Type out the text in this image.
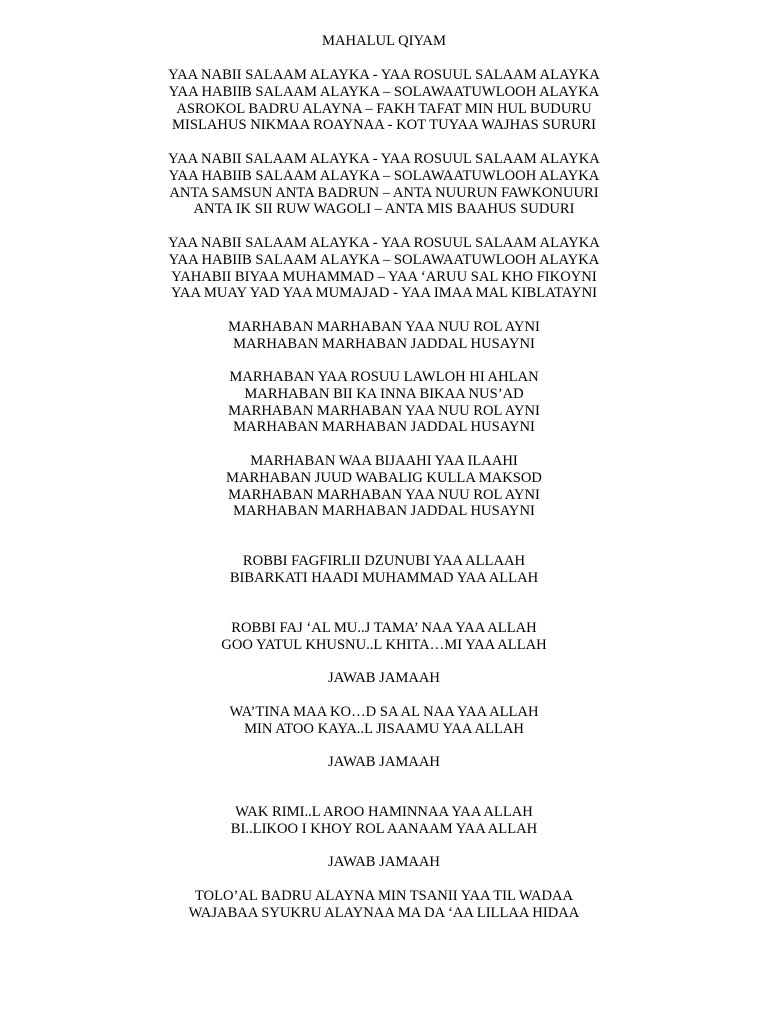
MAHALUL QIYAM
YAA NABII SALAAM ALAYKA - YAA ROSUUL SALAAM ALAYKA
YAA HABIIB SALAAM ALAYKA – SOLAWAATUWLOOH ALAYKA
ASROKOL BADRU ALAYNA – FAKH TAFAT MIN HUL BUDURU
MISLAHUS NIKMAA ROAYNAA - KOT TUYAA WAJHAS SURURI
YAA NABII SALAAM ALAYKA - YAA ROSUUL SALAAM ALAYKA
YAA HABIIB SALAAM ALAYKA – SOLAWAATUWLOOH ALAYKA
ANTA SAMSUN ANTA BADRUN – ANTA NUURUN FAWKONUURI
ANTA IK SII RUW WAGOLI – ANTA MIS BAAHUS SUDURI
YAA NABII SALAAM ALAYKA - YAA ROSUUL SALAAM ALAYKA
YAA HABIIB SALAAM ALAYKA – SOLAWAATUWLOOH ALAYKA
YAHABII BIYAA MUHAMMAD – YAA ‘ARUU SAL KHO FIKOYNI
YAA MUAY YAD YAA MUMAJAD - YAA IMAA MAL KIBLATAYNI
MARHABAN MARHABAN YAA NUU ROL AYNI
MARHABAN MARHABAN JADDAL HUSAYNI
MARHABAN YAA ROSUU LAWLOH HI AHLAN
MARHABAN BII KA INNA BIKAA NUS’AD
MARHABAN MARHABAN YAA NUU ROL AYNI
MARHABAN MARHABAN JADDAL HUSAYNI
MARHABAN WAA BIJAAHI YAA ILAAHI
MARHABAN JUUD WABALIG KULLA MAKSOD
MARHABAN MARHABAN YAA NUU ROL AYNI
MARHABAN MARHABAN JADDAL HUSAYNI
ROBBI FAGFIRLII DZUNUBI YAA ALLAAH
BIBARKATI HAADI MUHAMMAD YAA ALLAH
ROBBI FAJ ‘AL MU..J TAMA’ NAA YAA ALLAH
GOO YATUL KHUSNU..L KHITA…MI YAA ALLAH
JAWAB JAMAAH
WA’TINA MAA KO…D SA AL NAA YAA ALLAH
MIN ATOO KAYA..L JISAAMU YAA ALLAH
JAWAB JAMAAH
WAK RIMI..L AROO HAMINNAA YAA ALLAH
BI..LIKOO I KHOY ROL AANAAM YAA ALLAH
JAWAB JAMAAH
TOLO’AL BADRU ALAYNA MIN TSANII YAA TIL WADAA
WAJABAA SYUKRU ALAYNAA MA DA ‘AA LILLAA HIDAA
